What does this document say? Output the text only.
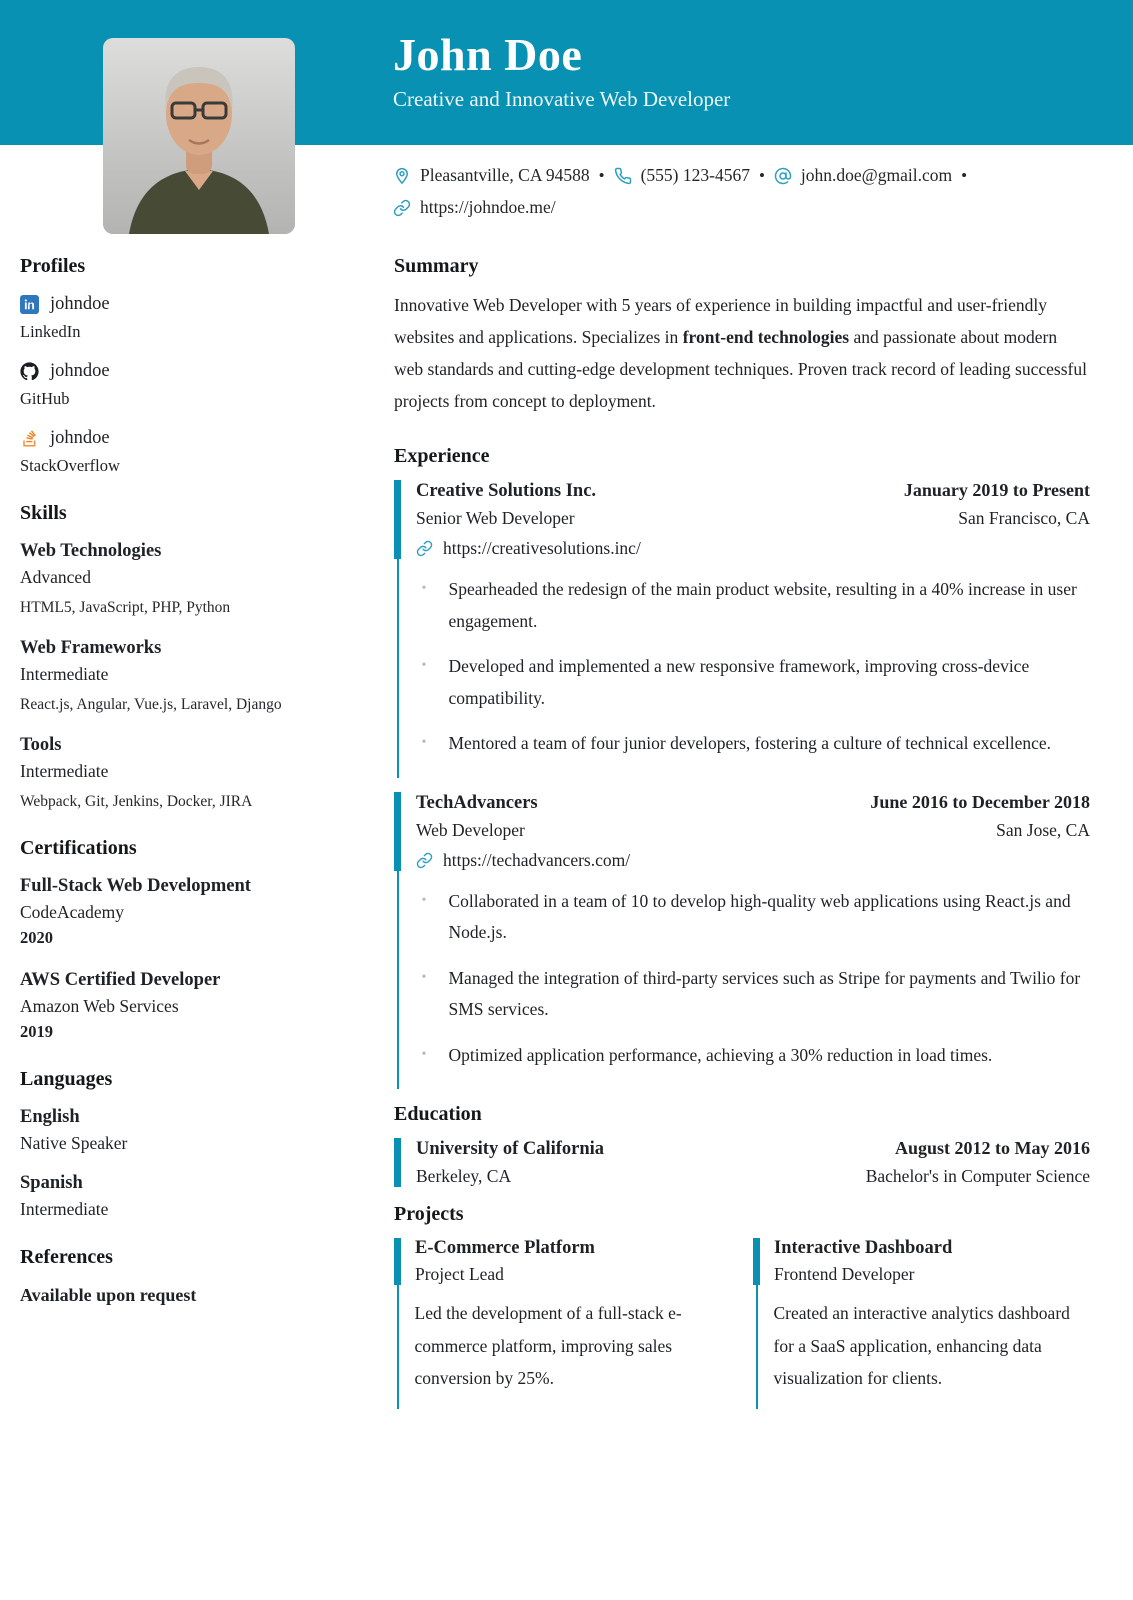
John Doe
Creative and Innovative Web Developer
Pleasantville, CA 94588 • (555) 123-4567 • john.doe@gmail.com •
https://johndoe.me/
Profiles
johndoe
LinkedIn
johndoe
GitHub
johndoe
StackOverflow
Skills
Web Technologies
Advanced
HTML5, JavaScript, PHP, Python
Web Frameworks
Intermediate
React.js, Angular, Vue.js, Laravel, Django
Tools
Intermediate
Webpack, Git, Jenkins, Docker, JIRA
Certifications
Full-Stack Web Development
CodeAcademy
2020
AWS Certified Developer
Amazon Web Services
2019
Languages
English
Native Speaker
Spanish
Intermediate
References
Available upon request
Summary

Innovative Web Developer with 5 years of experience in building impactful and user-friendly websites and applications. Specializes in front-end technologies and passionate about modern web standards and cutting-edge development techniques. Proven track record of leading successful projects from concept to deployment.

Experience
Creative Solutions Inc.	January 2019 to Present
Senior Web Developer	San Francisco, CA
https://creativesolutions.inc/
• Spearheaded the redesign of the main product website, resulting in a 40% increase in user engagement.
• Developed and implemented a new responsive framework, improving cross-device compatibility.
• Mentored a team of four junior developers, fostering a culture of technical excellence.
TechAdvancers	June 2016 to December 2018
Web Developer	San Jose, CA
https://techadvancers.com/
• Collaborated in a team of 10 to develop high-quality web applications using React.js and Node.js.
• Managed the integration of third-party services such as Stripe for payments and Twilio for SMS services.
• Optimized application performance, achieving a 30% reduction in load times.
Education
University of California	August 2012 to May 2016
Berkeley, CA	Bachelor's in Computer Science
Projects
E-Commerce Platform
Project Lead
Led the development of a full-stack e-commerce platform, improving sales conversion by 25%.
Interactive Dashboard
Frontend Developer
Created an interactive analytics dashboard for a SaaS application, enhancing data visualization for clients.
